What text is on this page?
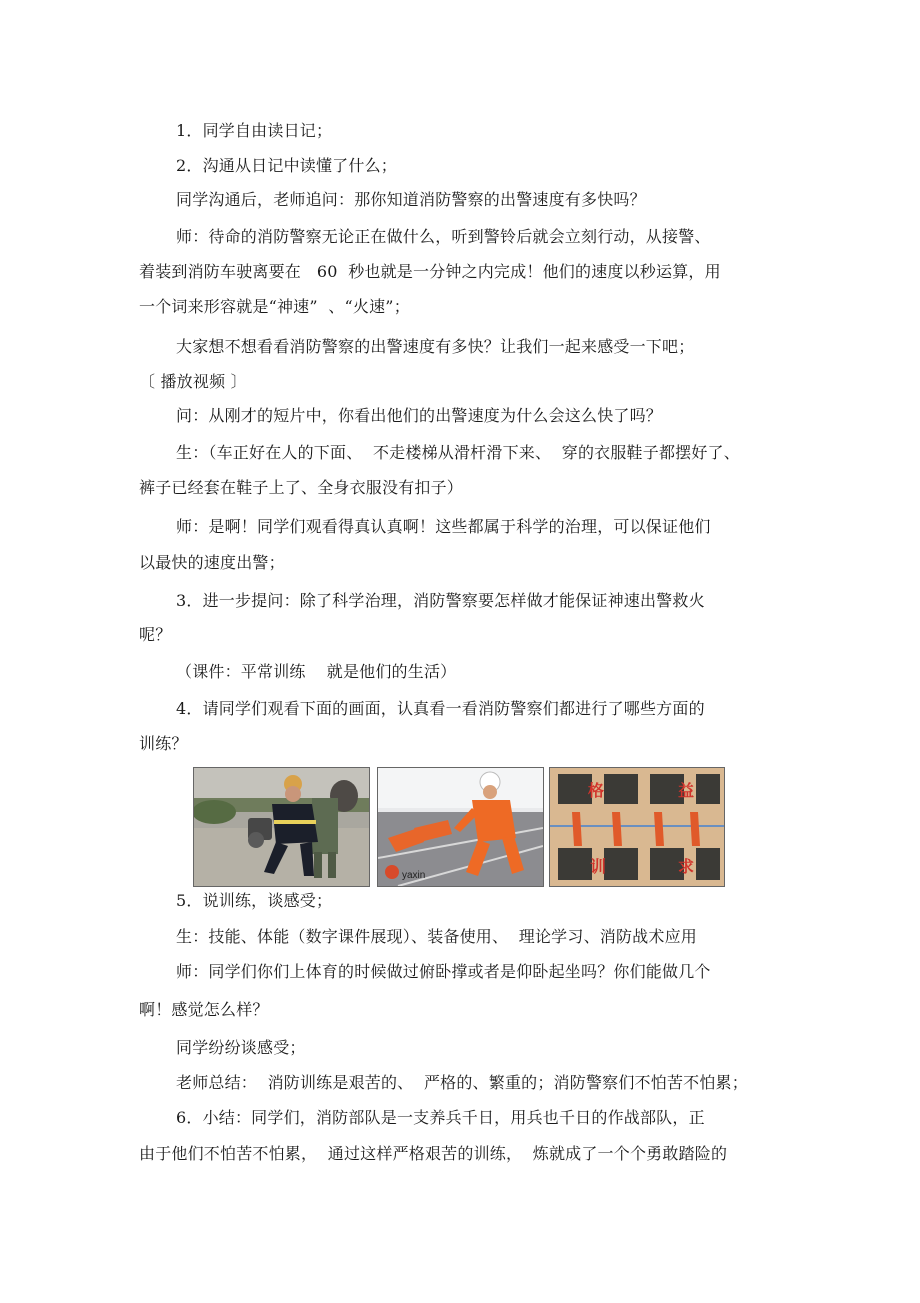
1．同学自由读日记；
2．沟通从日记中读懂了什么；
同学沟通后，老师追问：那你知道消防警察的出警速度有多快吗？
师：待命的消防警察无论正在做什么，听到警铃后就会立刻行动，从接警、
着装到消防车驶离要在   60  秒也就是一分钟之内完成！他们的速度以秒运算，用
一个词来形容就是“神速”  、“火速”；
大家想不想看看消防警察的出警速度有多快？让我们一起来感受一下吧；
〔 播放视频 〕
问：从刚才的短片中，你看出他们的出警速度为什么会这么快了吗？
生：（车正好在人的下面、  不走楼梯从滑杆滑下来、  穿的衣服鞋子都摆好了、
裤子已经套在鞋子上了、全身衣服没有扣子）
师：是啊！同学们观看得真认真啊！这些都属于科学的治理，可以保证他们
以最快的速度出警；
3．进一步提问：除了科学治理，消防警察要怎样做才能保证神速出警救火
呢？
（课件：平常训练    就是他们的生活）
4．请同学们观看下面的画面，认真看一看消防警察们都进行了哪些方面的
训练？
yaxin
格	益
训	求
5．说训练，谈感受；
生：技能、体能（数字课件展现）、装备使用、  理论学习、消防战术应用
师：同学们你们上体育的时候做过俯卧撑或者是仰卧起坐吗？你们能做几个
啊！感觉怎么样？
同学纷纷谈感受；
老师总结：  消防训练是艰苦的、  严格的、繁重的；消防警察们不怕苦不怕累；
6．小结：同学们，消防部队是一支养兵千日，用兵也千日的作战部队，正
由于他们不怕苦不怕累，  通过这样严格艰苦的训练，  炼就成了一个个勇敢踏险的
